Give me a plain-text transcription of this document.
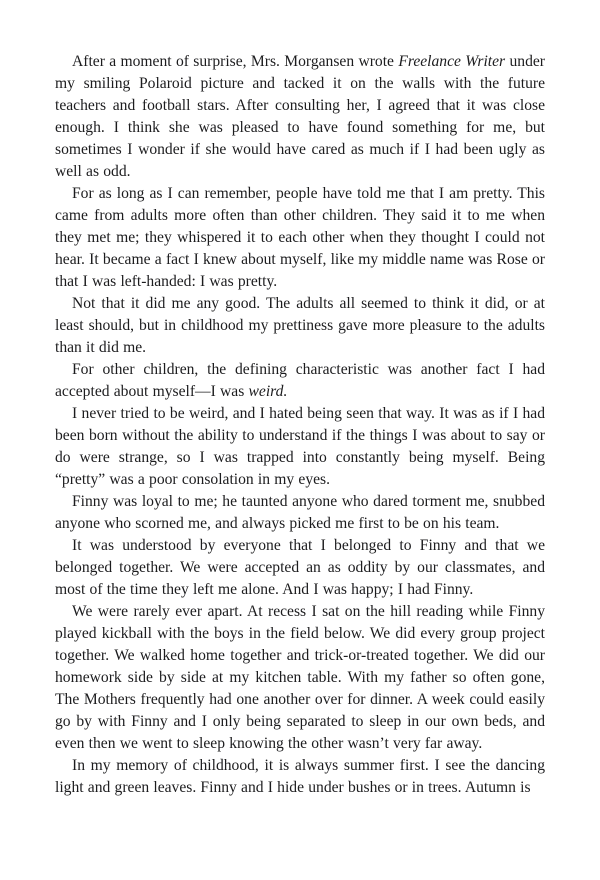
After a moment of surprise, Mrs. Morgansen wrote Freelance Writer under my smiling Polaroid picture and tacked it on the walls with the future teachers and football stars. After consulting her, I agreed that it was close enough. I think she was pleased to have found something for me, but sometimes I wonder if she would have cared as much if I had been ugly as well as odd.

For as long as I can remember, people have told me that I am pretty. This came from adults more often than other children. They said it to me when they met me; they whispered it to each other when they thought I could not hear. It became a fact I knew about myself, like my middle name was Rose or that I was left-handed: I was pretty.

Not that it did me any good. The adults all seemed to think it did, or at least should, but in childhood my prettiness gave more pleasure to the adults than it did me.

For other children, the defining characteristic was another fact I had accepted about myself—I was weird.

I never tried to be weird, and I hated being seen that way. It was as if I had been born without the ability to understand if the things I was about to say or do were strange, so I was trapped into constantly being myself. Being “pretty” was a poor consolation in my eyes.

Finny was loyal to me; he taunted anyone who dared torment me, snubbed anyone who scorned me, and always picked me first to be on his team.

It was understood by everyone that I belonged to Finny and that we belonged together. We were accepted an as oddity by our classmates, and most of the time they left me alone. And I was happy; I had Finny.

We were rarely ever apart. At recess I sat on the hill reading while Finny played kickball with the boys in the field below. We did every group project together. We walked home together and trick-or-treated together. We did our homework side by side at my kitchen table. With my father so often gone, The Mothers frequently had one another over for dinner. A week could easily go by with Finny and I only being separated to sleep in our own beds, and even then we went to sleep knowing the other wasn’t very far away.

In my memory of childhood, it is always summer first. I see the dancing light and green leaves. Finny and I hide under bushes or in trees. Autumn is
